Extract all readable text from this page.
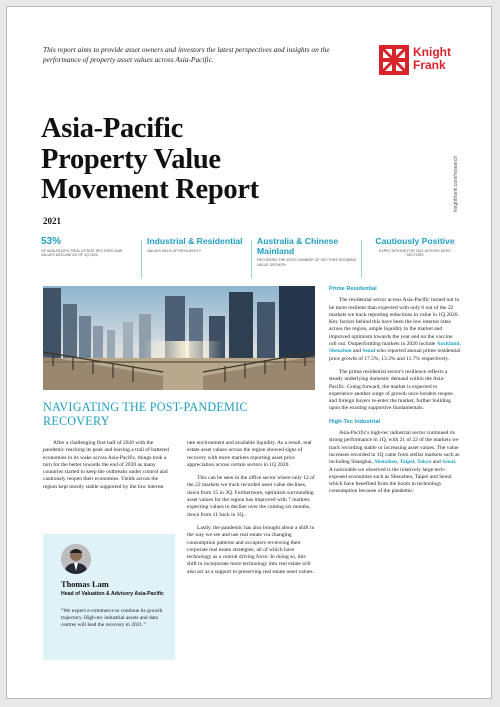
This report aims to provide asset owners and investors the latest perspectives and insights on the performance of property asset values across Asia-Pacific.
Knight
Frank
knightfrank.com/research
Asia-Pacific
Property Value
Movement Report
2021
53%
OF ASIA-PACIFIC REAL ESTATE SECTORS SAW VALUES DECLINE AS OF 1Q 2020
Industrial & Residential
VALUES HELD UP RESILIENTLY
Australia & Chinese Mainland
RECORDED THE MOST NUMBER OF SECTORS SHOWING VALUE GROWTH
Cautiously Positive
EXPECTATIONS FOR 2021 ACROSS MOST SECTORS
NAVIGATING THE POST-PANDEMIC RECOVERY

After a challenging first half of 2020 with the pandemic reaching its peak and leaving a trail of battered economies in its wake across Asia-Pacific, things took a turn for the better towards the end of 2020 as many countries started to keep the outbreaks under control and cautiously reopen their economies. Yields across the region kept mostly stable supported by the low interest

Thomas Lam
Head of Valuation & Advisory Asia-Pacific
“We expect e-commerce to continue its growth trajectory. High-tec industrial assets and data centres will lead the recovery in 2021.”

rate environment and available liquidity. As a result, real estate asset values across the region showed signs of recovery with more markets reporting asset price appreciation across certain sectors in 1Q 2020.

This can be seen in the office sector where only 12 of the 22 markets we track recorded asset value declines, down from 15 in 3Q. Furthermore, optimism surrounding asset values for the region has improved with 7 markets expecting values to decline over the coming six months, down from 11 back in 3Q.

Lastly, the pandemic has also brought about a shift in the way we see and use real estate via changing consumption patterns and occupiers reviewing their corporate real estate strategies; all of which have technology as a central driving force. In doing so, this shift to incorporate more technology into real estate will also act as a support to preserving real estate asset values.

Prime Residential

The residential sector across Asia-Pacific turned out to be more resilient than expected with only 6 out of the 22 markets we track reporting reductions in value in 1Q 2020. Key factors behind this have been the low interest rates across the region, ample liquidity in the market and improved optimism towards the year end on the vaccine roll out. Outperforming markets in 2020 include Auckland, Shenzhen and Seoul who reported annual prime residential price growth of 17.5%, 13.3% and 11.7% respectively.

The prime residential sector's resilience reflects a steady underlying domestic demand within the Asia-Pacific. Going forward, the market is expected to experience another surge of growth once borders reopen and foreign buyers re-enter the market, further building upon the existing supportive fundamentals.

High-Tec Industrial

Asia-Pacific's high-tec industrial sector continued its strong performance in 1Q, with 21 of 22 of the markets we track recording stable or increasing asset values. The value increases recorded in 1Q came from stellar markets such as including Shanghai, Shenzhen, Taipei, Tokyo and Seoul. A noticeable we observed is the relatively large tech-exposed economies such as Shenzhen, Taipei and Seoul which have benefited from the boom in technology consumption because of the pandemic.
